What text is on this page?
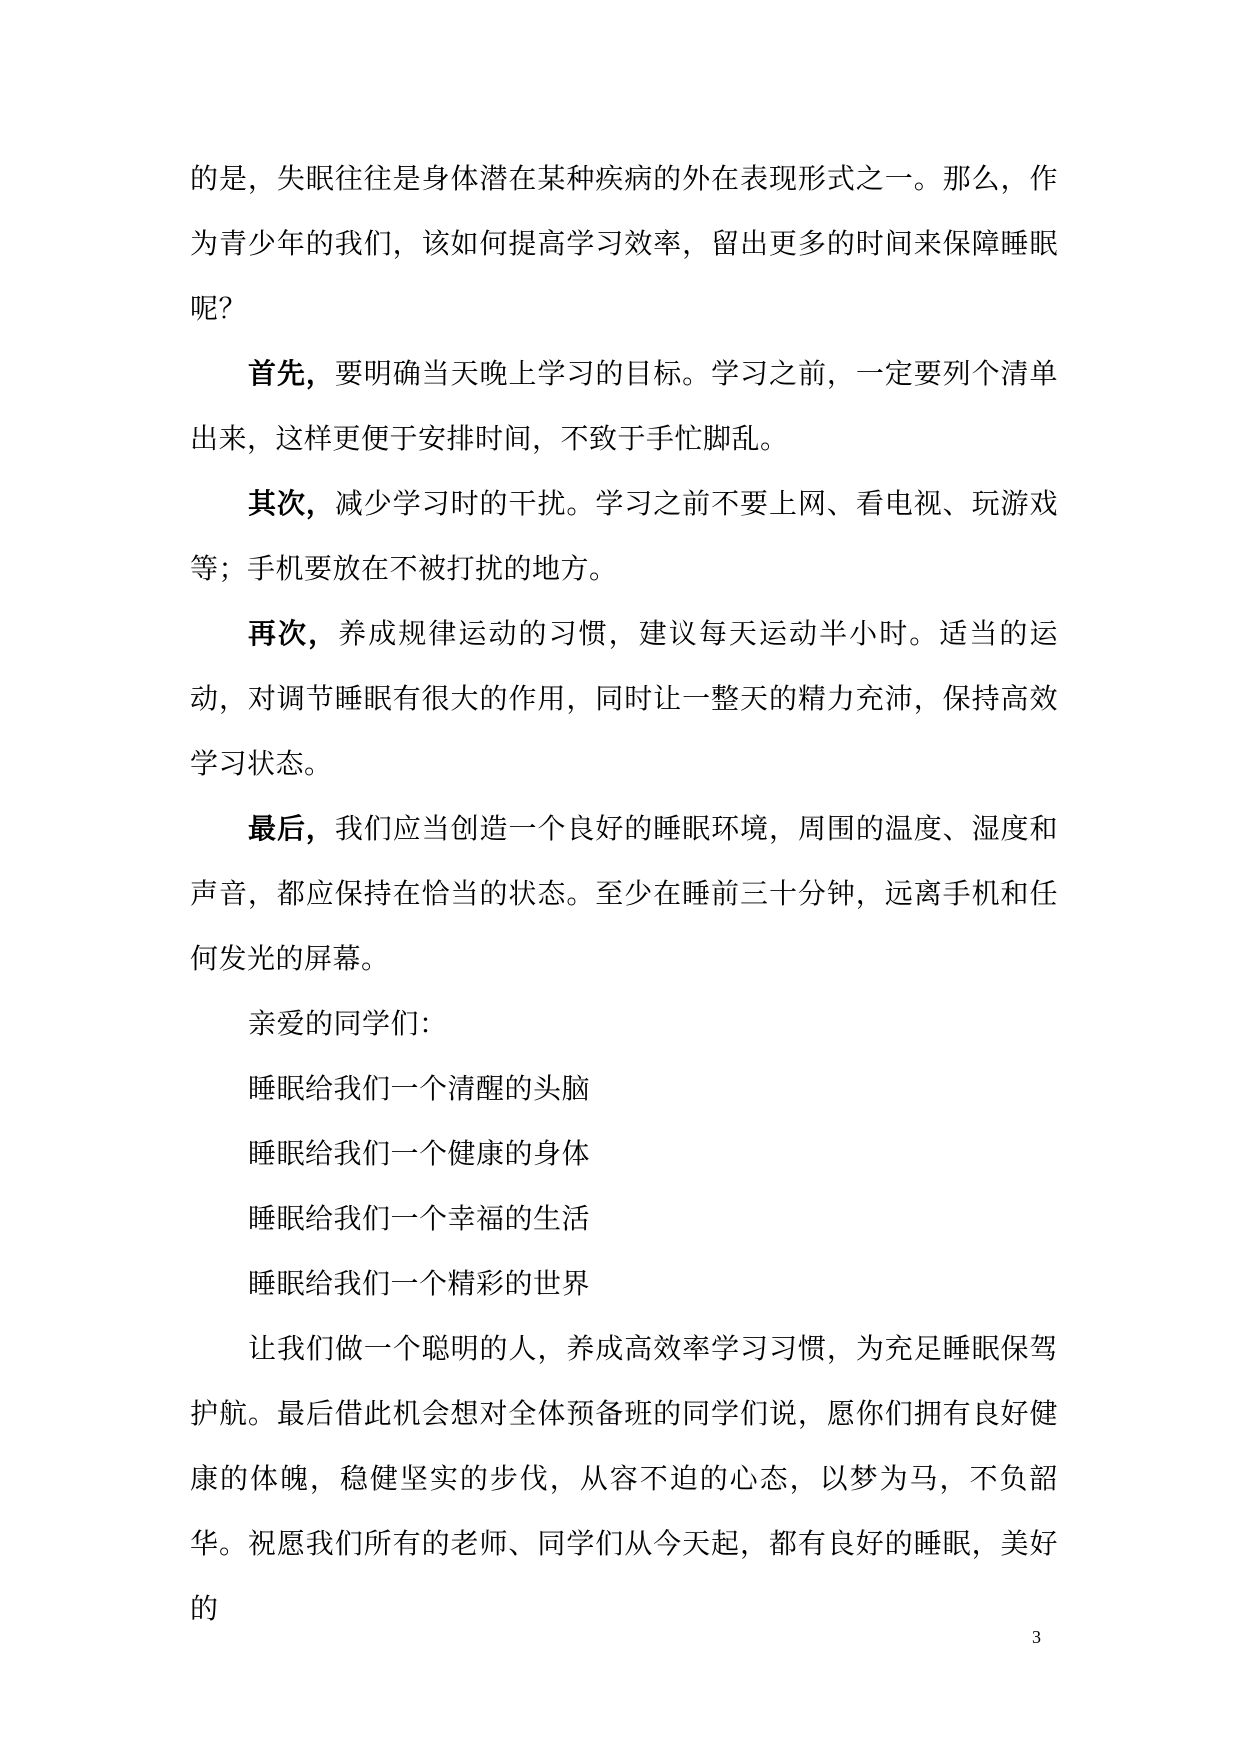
的是，失眠往往是身体潜在某种疾病的外在表现形式之一。那么，作为青少年的我们，该如何提高学习效率，留出更多的时间来保障睡眠呢？

首先，要明确当天晚上学习的目标。学习之前，一定要列个清单出来，这样更便于安排时间，不致于手忙脚乱。

其次，减少学习时的干扰。学习之前不要上网、看电视、玩游戏等；手机要放在不被打扰的地方。

再次，养成规律运动的习惯，建议每天运动半小时。适当的运动，对调节睡眠有很大的作用，同时让一整天的精力充沛，保持高效学习状态。

最后，我们应当创造一个良好的睡眠环境，周围的温度、湿度和声音，都应保持在恰当的状态。至少在睡前三十分钟，远离手机和任何发光的屏幕。

亲爱的同学们：

睡眠给我们一个清醒的头脑

睡眠给我们一个健康的身体

睡眠给我们一个幸福的生活

睡眠给我们一个精彩的世界

让我们做一个聪明的人，养成高效率学习习惯，为充足睡眠保驾护航。最后借此机会想对全体预备班的同学们说，愿你们拥有良好健康的体魄，稳健坚实的步伐，从容不迫的心态，以梦为马，不负韶华。祝愿我们所有的老师、同学们从今天起，都有良好的睡眠，美好的

3
